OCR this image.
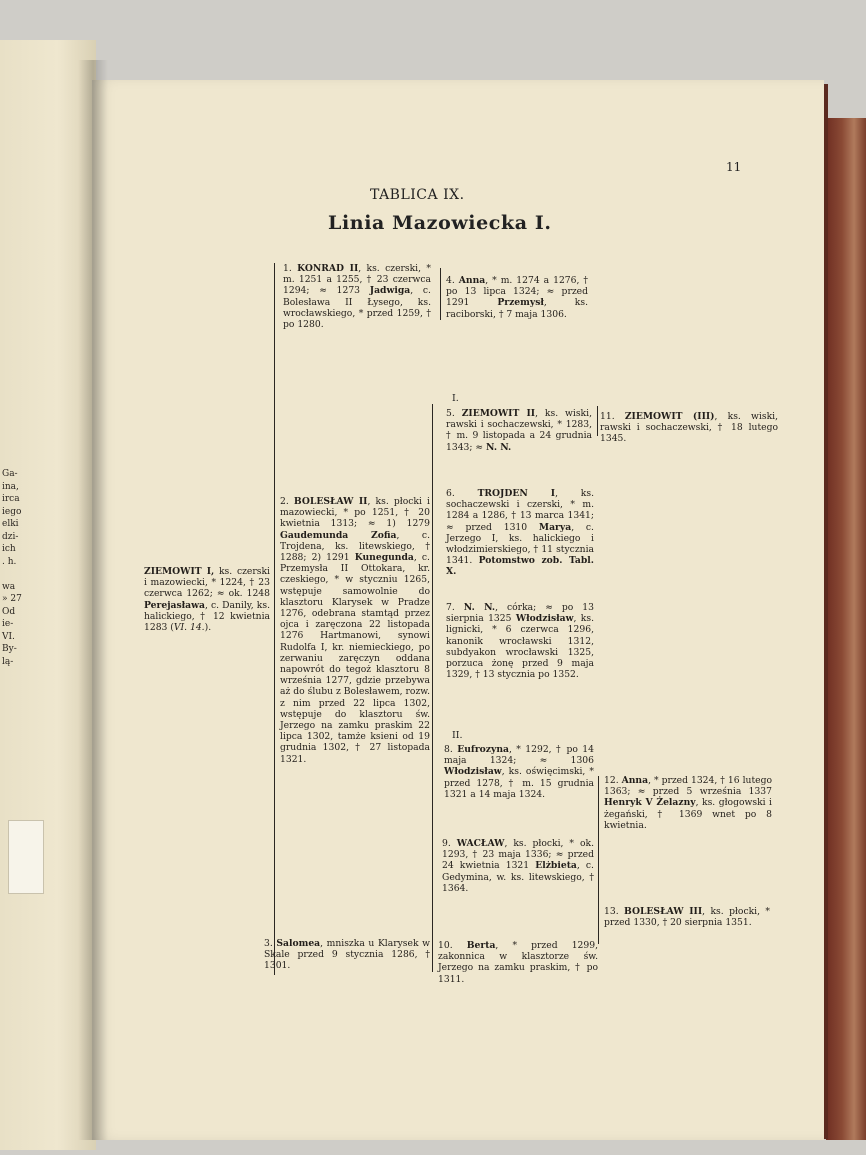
Ga-
ina,
irca
iego
elki
dzi-
ich
. h.

wa
» 27
Od
ie-
VI.
By-
lą-
11
TABLICA IX.
Linia Mazowiecka I.
ZIEMOWIT I, ks. czerski i mazowiecki, * 1224, † 23 czerwca 1262; ≈ ok. 1248 Perejasława, c. Danily, ks. halickiego, † 12 kwietnia 1283 (VI. 14.).
1. KONRAD II, ks. czerski, * m. 1251 a 1255, † 23 czerwca 1294; ≈ 1273 Jadwiga, c. Bolesława II Łysego, ks. wrocławskiego, * przed 1259, † po 1280.
2. BOLESŁAW II, ks. płocki i mazowiecki, * po 1251, † 20 kwietnia 1313; ≈ 1) 1279 Gaudemunda Zofia, c. Trojdena, ks. litewskiego, † 1288; 2) 1291 Kunegunda, c. Przemysła II Ottokara, kr. czeskiego, * w styczniu 1265, wstępuje samowolnie do klasztoru Klarysek w Pradze 1276, odebrana stamtąd przez ojca i zaręczona 22 listopada 1276 Hartmanowi, synowi Rudolfa I, kr. niemieckiego, po zerwaniu zaręczyn oddana napowrót do tegoż klasztoru 8 września 1277, gdzie przebywa aż do ślubu z Bolesławem, rozw. z nim przed 22 lipca 1302, wstępuje do klasztoru św. Jerzego na zamku praskim 22 lipca 1302, tamże ksieni od 19 grudnia 1302, † 27 listopada 1321.
3. Salomea, mniszka u Klarysek w Skale przed 9 stycznia 1286, † 1301.
4. Anna, * m. 1274 a 1276, † po 13 lipca 1324; ≈ przed 1291 Przemysł, ks. raciborski, † 7 maja 1306.
I.
5. ZIEMOWIT II, ks. wiski, rawski i sochaczewski, * 1283, † m. 9 listopada a 24 grudnia 1343; ≈ N. N.
6. TROJDEN I, ks. sochaczewski i czerski, * m. 1284 a 1286, † 13 marca 1341; ≈ przed 1310 Marya, c. Jerzego I, ks. halickiego i włodzimierskiego, † 11 stycznia 1341. Potomstwo zob. Tabl. X.
7. N. N., córka; ≈ po 13 sierpnia 1325 Włodzisław, ks. lignicki, * 6 czerwca 1296, kanonik wrocławski 1312, subdyakon wrocławski 1325, porzuca żonę przed 9 maja 1329, † 13 stycznia po 1352.
II.
8. Eufrozyna, * 1292, † po 14 maja 1324; ≈ 1306 Włodzisław, ks. oświęcimski, * przed 1278, † m. 15 grudnia 1321 a 14 maja 1324.
9. WACŁAW, ks. płocki, * ok. 1293, † 23 maja 1336; ≈ przed 24 kwietnia 1321 Elżbieta, c. Gedymina, w. ks. litewskiego, † 1364.
10. Berta, * przed 1299, zakonnica w klasztorze św. Jerzego na zamku praskim, † po 1311.
11. ZIEMOWIT (III), ks. wiski, rawski i sochaczewski, † 18 lutego 1345.
12. Anna, * przed 1324, † 16 lutego 1363; ≈ przed 5 września 1337 Henryk V Żelazny, ks. głogowski i żegański, † 1369 wnet po 8 kwietnia.
13. BOLESŁAW III, ks. płocki, * przed 1330, † 20 sierpnia 1351.
